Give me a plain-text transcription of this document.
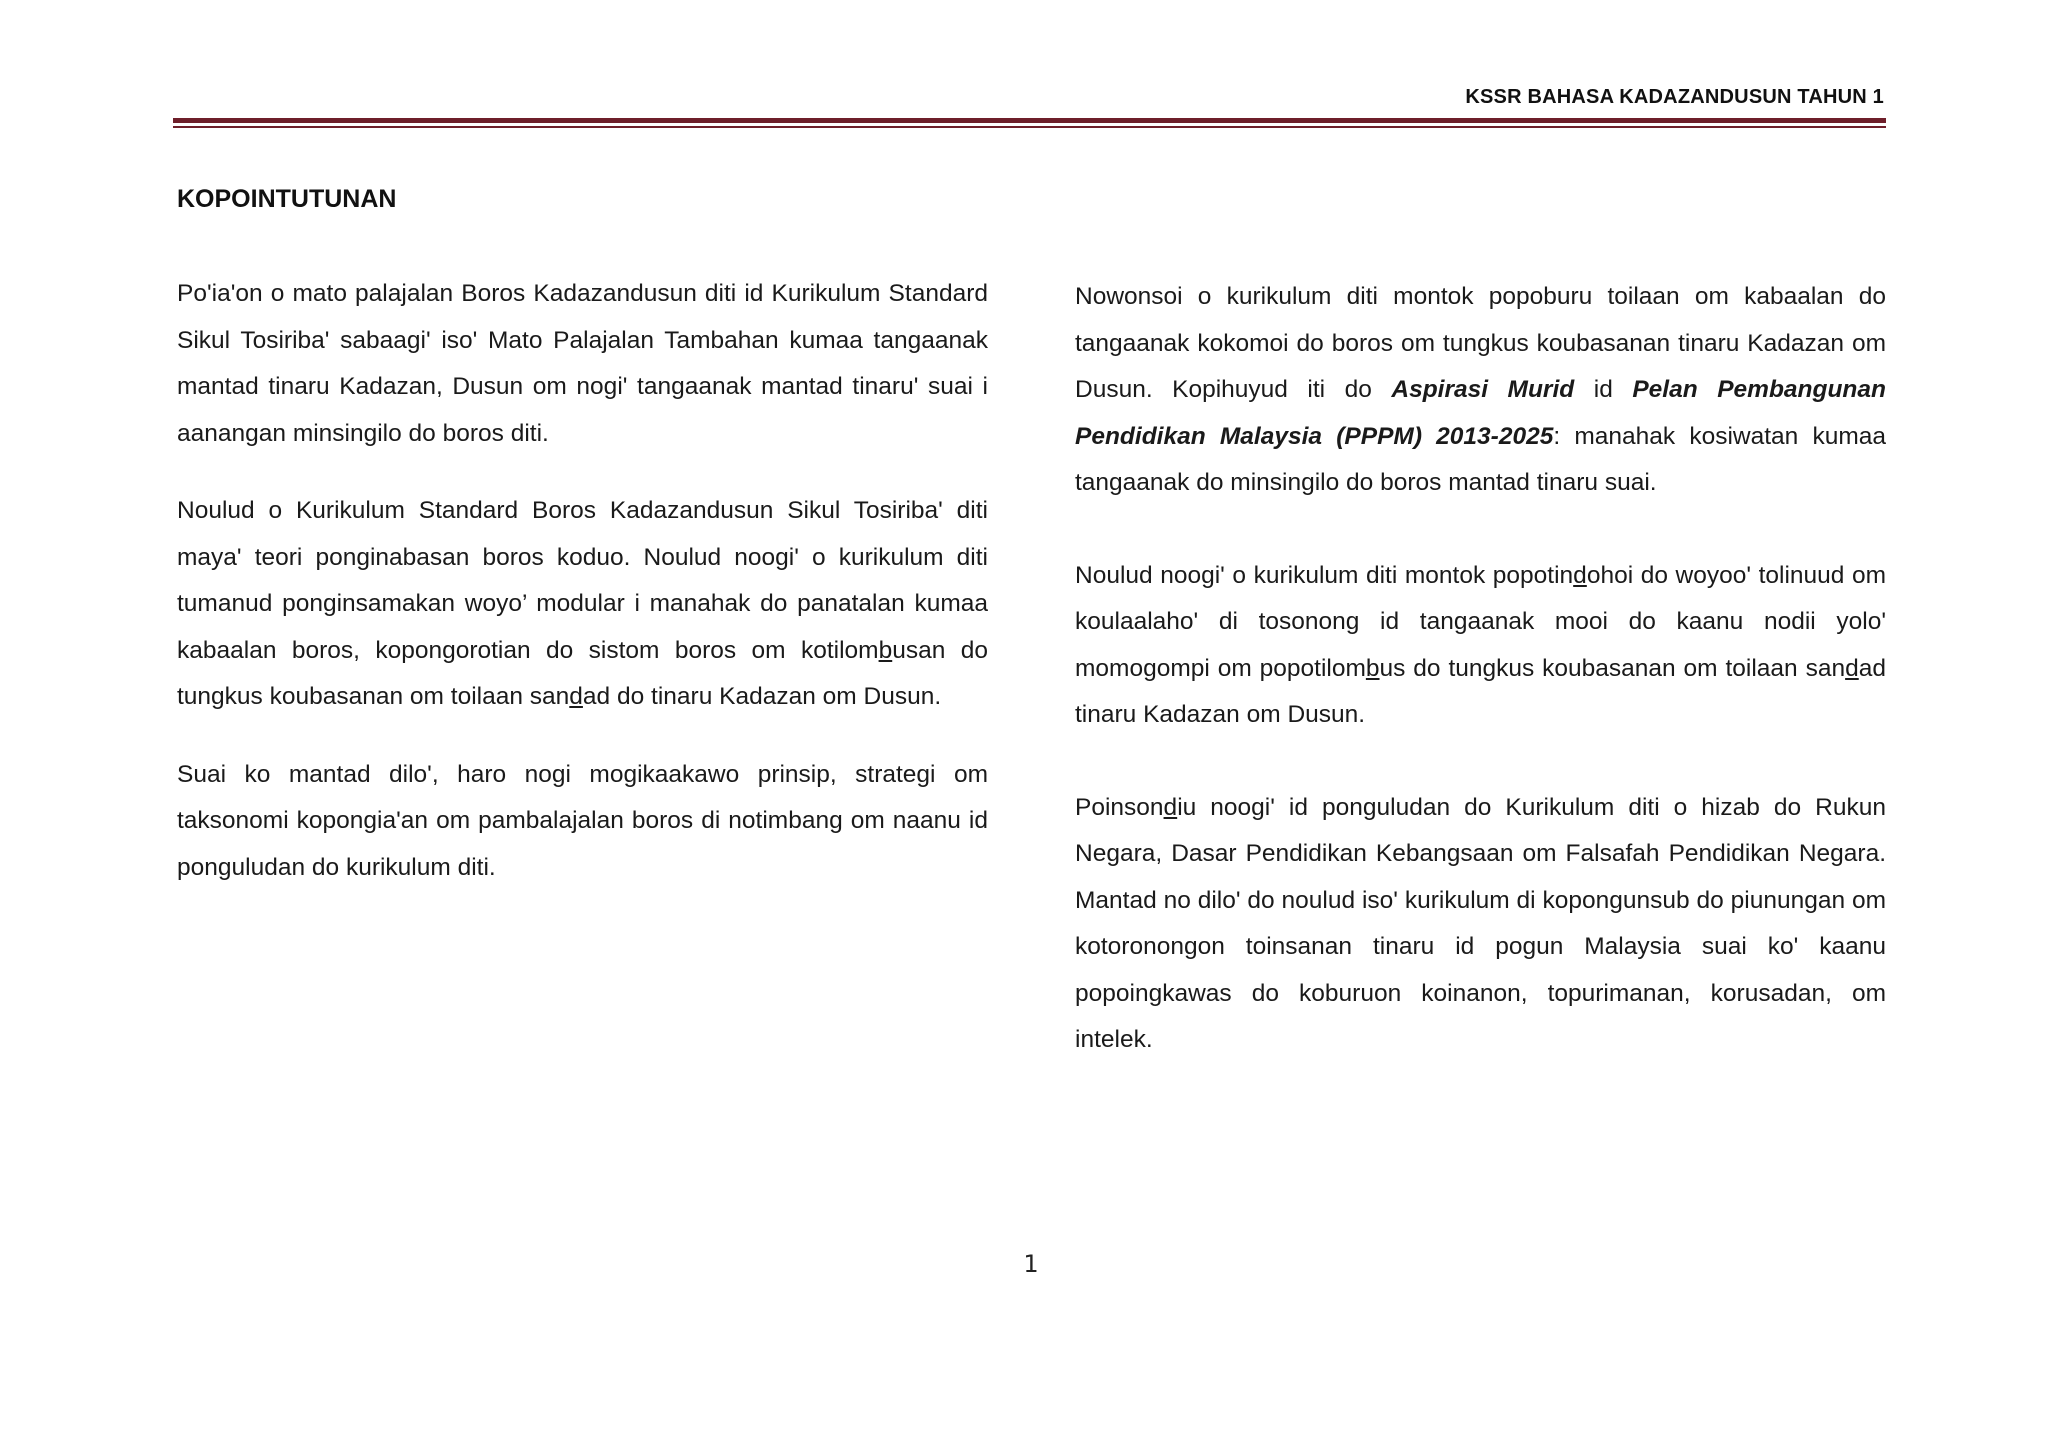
KSSR BAHASA KADAZANDUSUN TAHUN 1
KOPOINTUTUNAN

Po'ia'on o mato palajalan Boros Kadazandusun diti id Kurikulum Standard Sikul Tosiriba' sabaagi' iso' Mato Palajalan Tambahan kumaa tangaanak mantad tinaru Kadazan, Dusun om nogi' tangaanak mantad tinaru' suai i aanangan minsingilo do boros diti.

Noulud o Kurikulum Standard Boros Kadazandusun Sikul Tosiriba' diti maya' teori ponginabasan boros koduo. Noulud noogi' o kurikulum diti tumanud ponginsamakan woyo’ modular i manahak do panatalan kumaa kabaalan boros, kopongorotian do sistom boros om kotilombusan do tungkus koubasanan om toilaan sandad do tinaru Kadazan om Dusun.

Suai ko mantad dilo', haro nogi mogikaakawo prinsip, strategi om taksonomi kopongia'an om pambalajalan boros di notimbang om naanu id ponguludan do kurikulum diti.

Nowonsoi o kurikulum diti montok popoburu toilaan om kabaalan do tangaanak kokomoi do boros om tungkus koubasanan tinaru Kadazan om Dusun. Kopihuyud iti do Aspirasi Murid id Pelan Pembangunan Pendidikan Malaysia (PPPM) 2013-2025: manahak kosiwatan kumaa tangaanak do minsingilo do boros mantad tinaru suai.

Noulud noogi' o kurikulum diti montok popotindohoi do woyoo' tolinuud om koulaalaho' di tosonong id tangaanak mooi do kaanu nodii yolo' momogompi om popotilombus do tungkus koubasanan om toilaan sandad tinaru Kadazan om Dusun.

Poinsondiu noogi' id ponguludan do Kurikulum diti o hizab do Rukun Negara, Dasar Pendidikan Kebangsaan om Falsafah Pendidikan Negara. Mantad no dilo' do noulud iso' kurikulum di kopongunsub do piunungan om kotoronongon toinsanan tinaru id pogun Malaysia suai ko' kaanu popoingkawas do koburuon koinanon, topurimanan, korusadan, om intelek.

1
